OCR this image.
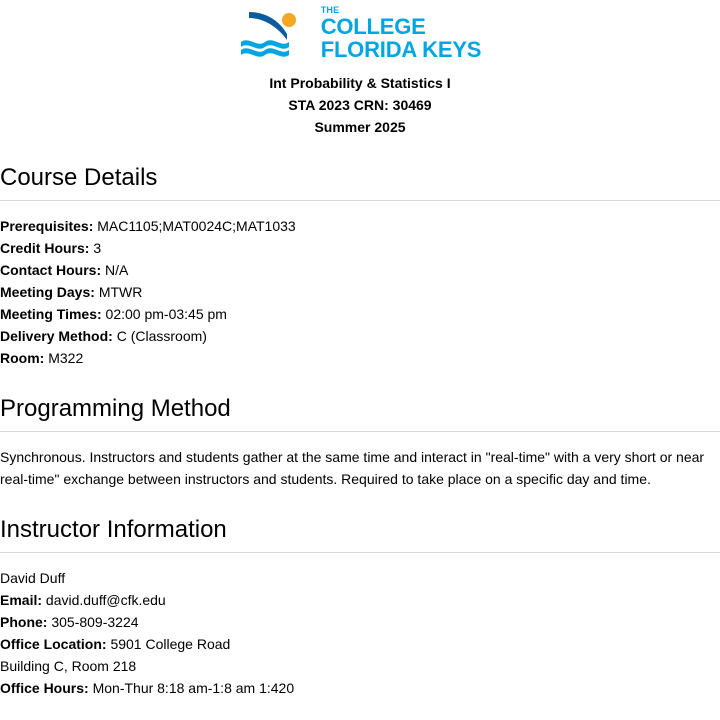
THE
COLLEGE
FLORIDA KEYS
Int Probability & Statistics I
STA 2023 CRN: 30469
Summer 2025
Course Details
Prerequisites: MAC1105;MAT0024C;MAT1033
Credit Hours: 3
Contact Hours: N/A
Meeting Days: MTWR
Meeting Times: 02:00 pm-03:45 pm
Delivery Method: C (Classroom)
Room: M322
Programming Method

Synchronous. Instructors and students gather at the same time and interact in "real-time" with a very short or near real-time" exchange between instructors and students. Required to take place on a specific day and time.

Instructor Information
David Duff
Email: david.duff@cfk.edu
Phone: 305-809-3224
Office Location: 5901 College Road
Building C, Room 218
Office Hours: Mon-Thur 8:18 am-1:8 am 1:420
